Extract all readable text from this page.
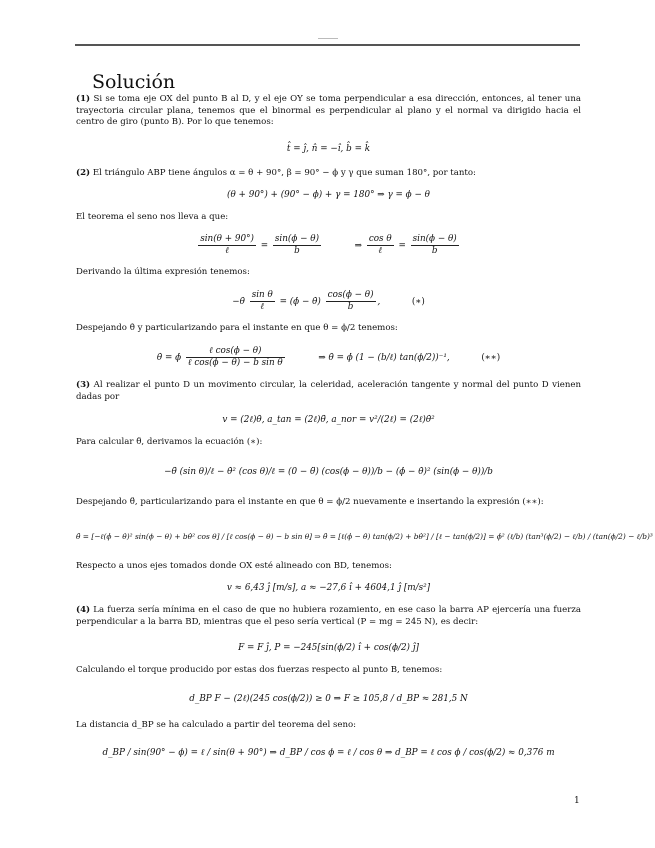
Solución
(1) Si se toma eje OX del punto B al D, y el eje OY se toma perpendicular a esa dirección, entonces, al tener una trayectoria circular plana, tenemos que el binormal es perpendicular al plano y el normal va dirigido hacia el centro de giro (punto B). Por lo que tenemos:
t̂ = ȷ̂, n̂ = −ı̂, b̂ = k̂
(2) El triángulo ABP tiene ángulos α = θ + 90°, β = 90° − ϕ y γ que suman 180°, por tanto:
(θ + 90°) + (90° − ϕ) + γ = 180° ⇒ γ = ϕ − θ
El teorema el seno nos lleva a que:
$\frac{\sin(\theta + 90^\circ)}{\text{ℓ}} = \frac{\sin(\phi - \theta)}{b}$	⇒ $\frac{\text{cos θ}}{\text{ℓ}} = \frac{\sin(\phi - \theta)}{b}$
Derivando la última expresión tenemos:
−θ̇ $\frac{\text{sin θ}}{\text{ℓ}}$ = (ϕ̇ − θ̇) $\frac{\cos(\phi - \theta)}{b}$ ,	(∗)
Despejando θ̇ y particularizando para el instante en que θ = ϕ/2 tenemos:
θ̇ = ϕ̇ $\frac{\text{ℓ cos(ϕ − θ)}}{\text{ℓ cos(ϕ − θ) − b sin θ}}$	⇒ θ̇ = ϕ̇ (1 − (b/ℓ) tan(ϕ/2))⁻¹,	(∗∗)
(3) Al realizar el punto D un movimento circular, la celeridad, aceleración tangente y normal del punto D vienen dadas por
v = (2ℓ)θ̇, a_tan = (2ℓ)θ̈, a_nor = v²/(2ℓ) = (2ℓ)θ̇²
Para calcular θ̈, derivamos la ecuación (∗):
−θ̈ (sin θ)/ℓ − θ̇² (cos θ)/ℓ = (0 − θ̈) (cos(ϕ − θ))/b − (ϕ̇ − θ̇)² (sin(ϕ − θ))/b
Despejando θ̈, particularizando para el instante en que θ = ϕ/2 nuevamente e insertando la expresión (∗∗):
θ̈ = [−ℓ(ϕ̇ − θ̇)² sin(ϕ − θ) + bθ̇² cos θ] / [ℓ cos(ϕ − θ) − b sin θ] ⇒ θ̈ = [ℓ(ϕ̇ − θ̇) tan(ϕ/2) + bθ̇²] / [ℓ − tan(ϕ/2)] = ϕ̇² (ℓ/b) (tan³(ϕ/2) − ℓ/b) / (tan(ϕ/2) − ℓ/b)³
Respecto a unos ejes tomados donde OX esté alineado con BD, tenemos:
v ≈ 6,43 ȷ̂ [m/s], a ≈ −27,6 ı̂ + 4604,1 ȷ̂ [m/s²]
(4) La fuerza sería mínima en el caso de que no hubiera rozamiento, en ese caso la barra AP ejercería una fuerza perpendicular a la barra BD, mientras que el peso sería vertical (P = mg = 245 N), es decir:
F = F ȷ̂, P = −245[sin(ϕ/2) ı̂ + cos(ϕ/2) ȷ̂]
Calculando el torque producido por estas dos fuerzas respecto al punto B, tenemos:
d_BP F − (2ℓ)(245 cos(ϕ/2)) ≥ 0 ⇒ F ≥ 105,8 / d_BP ≈ 281,5 N
La distancia d_BP se ha calculado a partir del teorema del seno:
d_BP / sin(90° − ϕ) = ℓ / sin(θ + 90°) ⇒ d_BP / cos ϕ = ℓ / cos θ ⇒ d_BP = ℓ cos ϕ / cos(ϕ/2) ≈ 0,376 m
1
